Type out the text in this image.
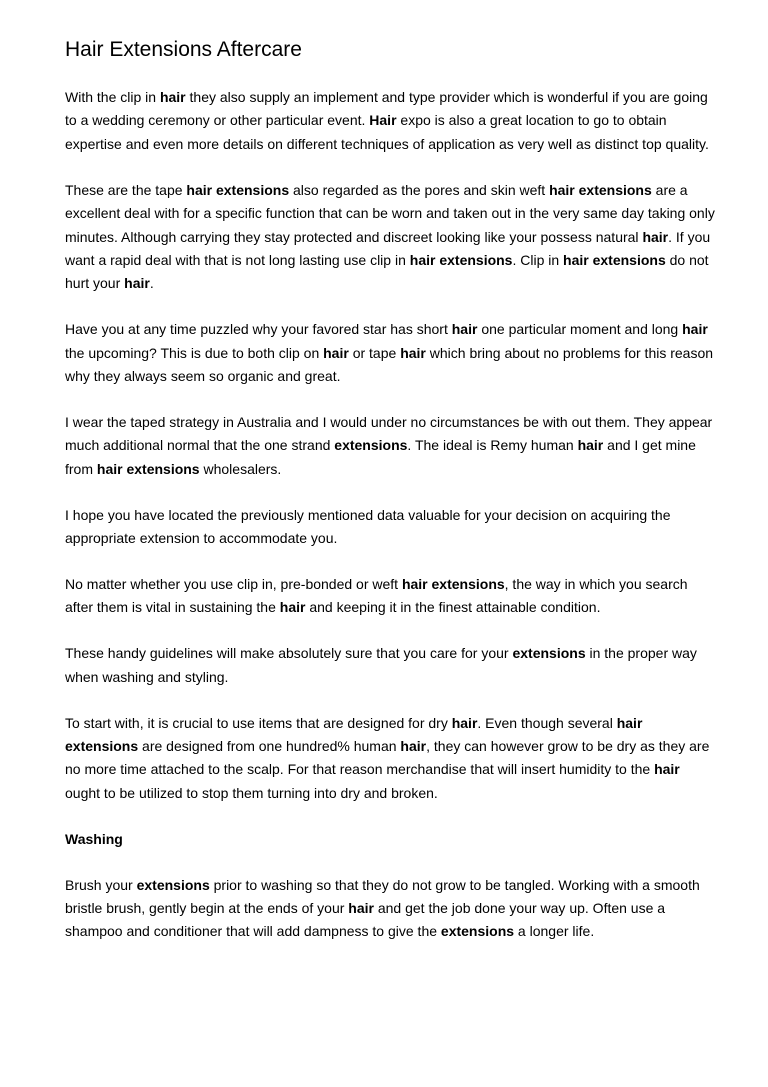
Hair Extensions Aftercare

With the clip in hair they also supply an implement and type provider which is wonderful if you are going to a wedding ceremony or other particular event. Hair expo is also a great location to go to obtain expertise and even more details on different techniques of application as very well as distinct top quality.

These are the tape hair extensions also regarded as the pores and skin weft hair extensions are a excellent deal with for a specific function that can be worn and taken out in the very same day taking only minutes. Although carrying they stay protected and discreet looking like your possess natural hair. If you want a rapid deal with that is not long lasting use clip in hair extensions. Clip in hair extensions do not hurt your hair.

Have you at any time puzzled why your favored star has short hair one particular moment and long hair the upcoming? This is due to both clip on hair or tape hair which bring about no problems for this reason why they always seem so organic and great.

I wear the taped strategy in Australia and I would under no circumstances be with out them. They appear much additional normal that the one strand extensions. The ideal is Remy human hair and I get mine from hair extensions wholesalers.

I hope you have located the previously mentioned data valuable for your decision on acquiring the appropriate extension to accommodate you.

No matter whether you use clip in, pre-bonded or weft hair extensions, the way in which you search after them is vital in sustaining the hair and keeping it in the finest attainable condition.

These handy guidelines will make absolutely sure that you care for your extensions in the proper way when washing and styling.

To start with, it is crucial to use items that are designed for dry hair. Even though several hair extensions are designed from one hundred% human hair, they can however grow to be dry as they are no more time attached to the scalp. For that reason merchandise that will insert humidity to the hair ought to be utilized to stop them turning into dry and broken.

Washing

Brush your extensions prior to washing so that they do not grow to be tangled. Working with a smooth bristle brush, gently begin at the ends of your hair and get the job done your way up. Often use a shampoo and conditioner that will add dampness to give the extensions a longer life.
